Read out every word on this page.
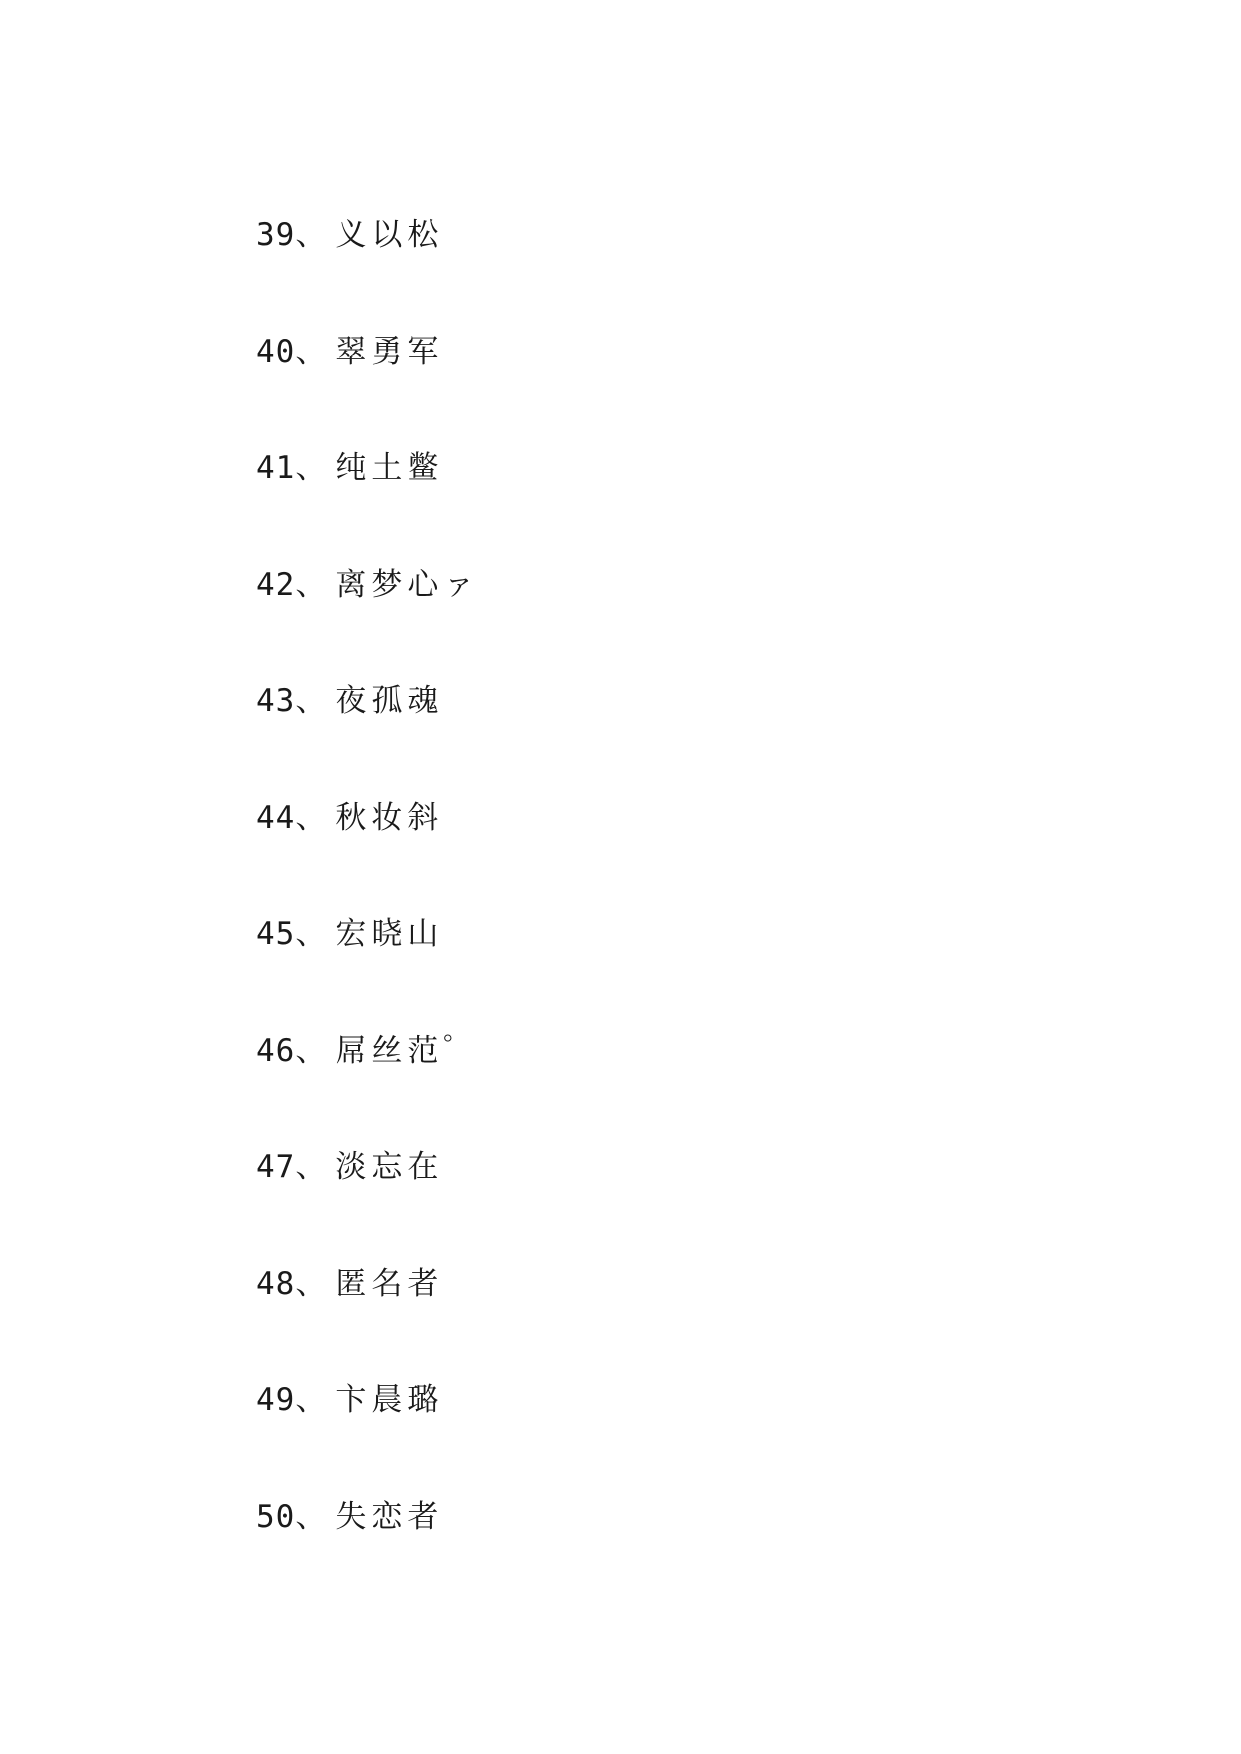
39 、 义以松
40 、 翠勇军
41 、 纯土鳖
42 、 离梦心ァ
43 、 夜孤魂
44 、 秋妆斜
45 、 宏晓山
46 、 屌丝范゜
47 、 淡忘在
48 、 匿名者
49 、 卞晨璐
50 、 失恋者
